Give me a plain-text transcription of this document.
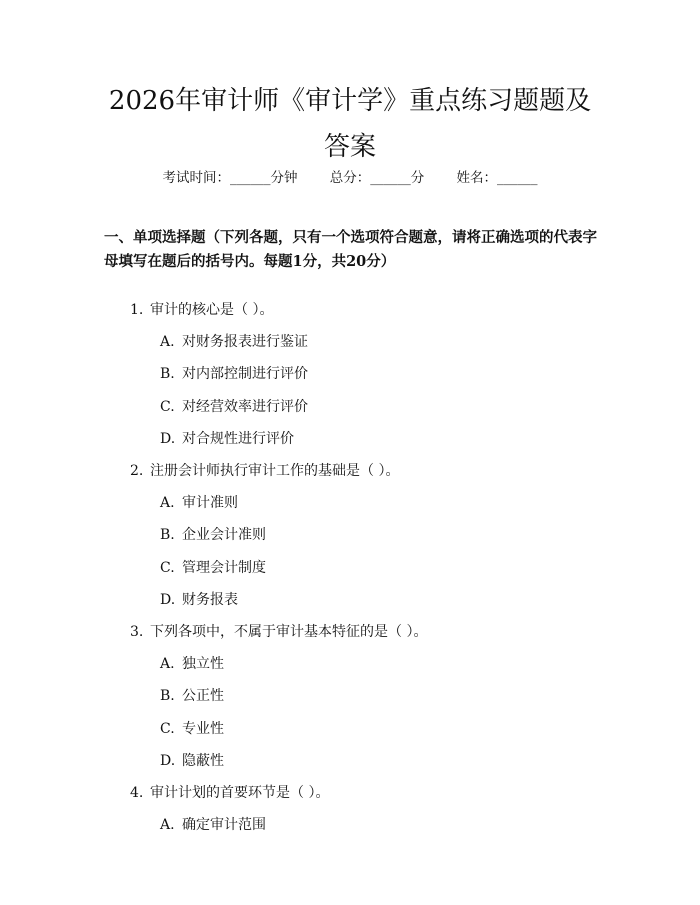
2026年审计师《审计学》重点练习题题及答案
考试时间：______分钟 总分：______分 姓名：______

一、单项选择题（下列各题，只有一个选项符合题意，请将正确选项的代表字母填写在题后的括号内。每题1分，共20分）

1. 审计的核心是（ ）。
A. 对财务报表进行鉴证
B. 对内部控制进行评价
C. 对经营效率进行评价
D. 对合规性进行评价
2. 注册会计师执行审计工作的基础是（ ）。
A. 审计准则
B. 企业会计准则
C. 管理会计制度
D. 财务报表
3. 下列各项中，不属于审计基本特征的是（ ）。
A. 独立性
B. 公正性
C. 专业性
D. 隐蔽性
4. 审计计划的首要环节是（ ）。
A. 确定审计范围
